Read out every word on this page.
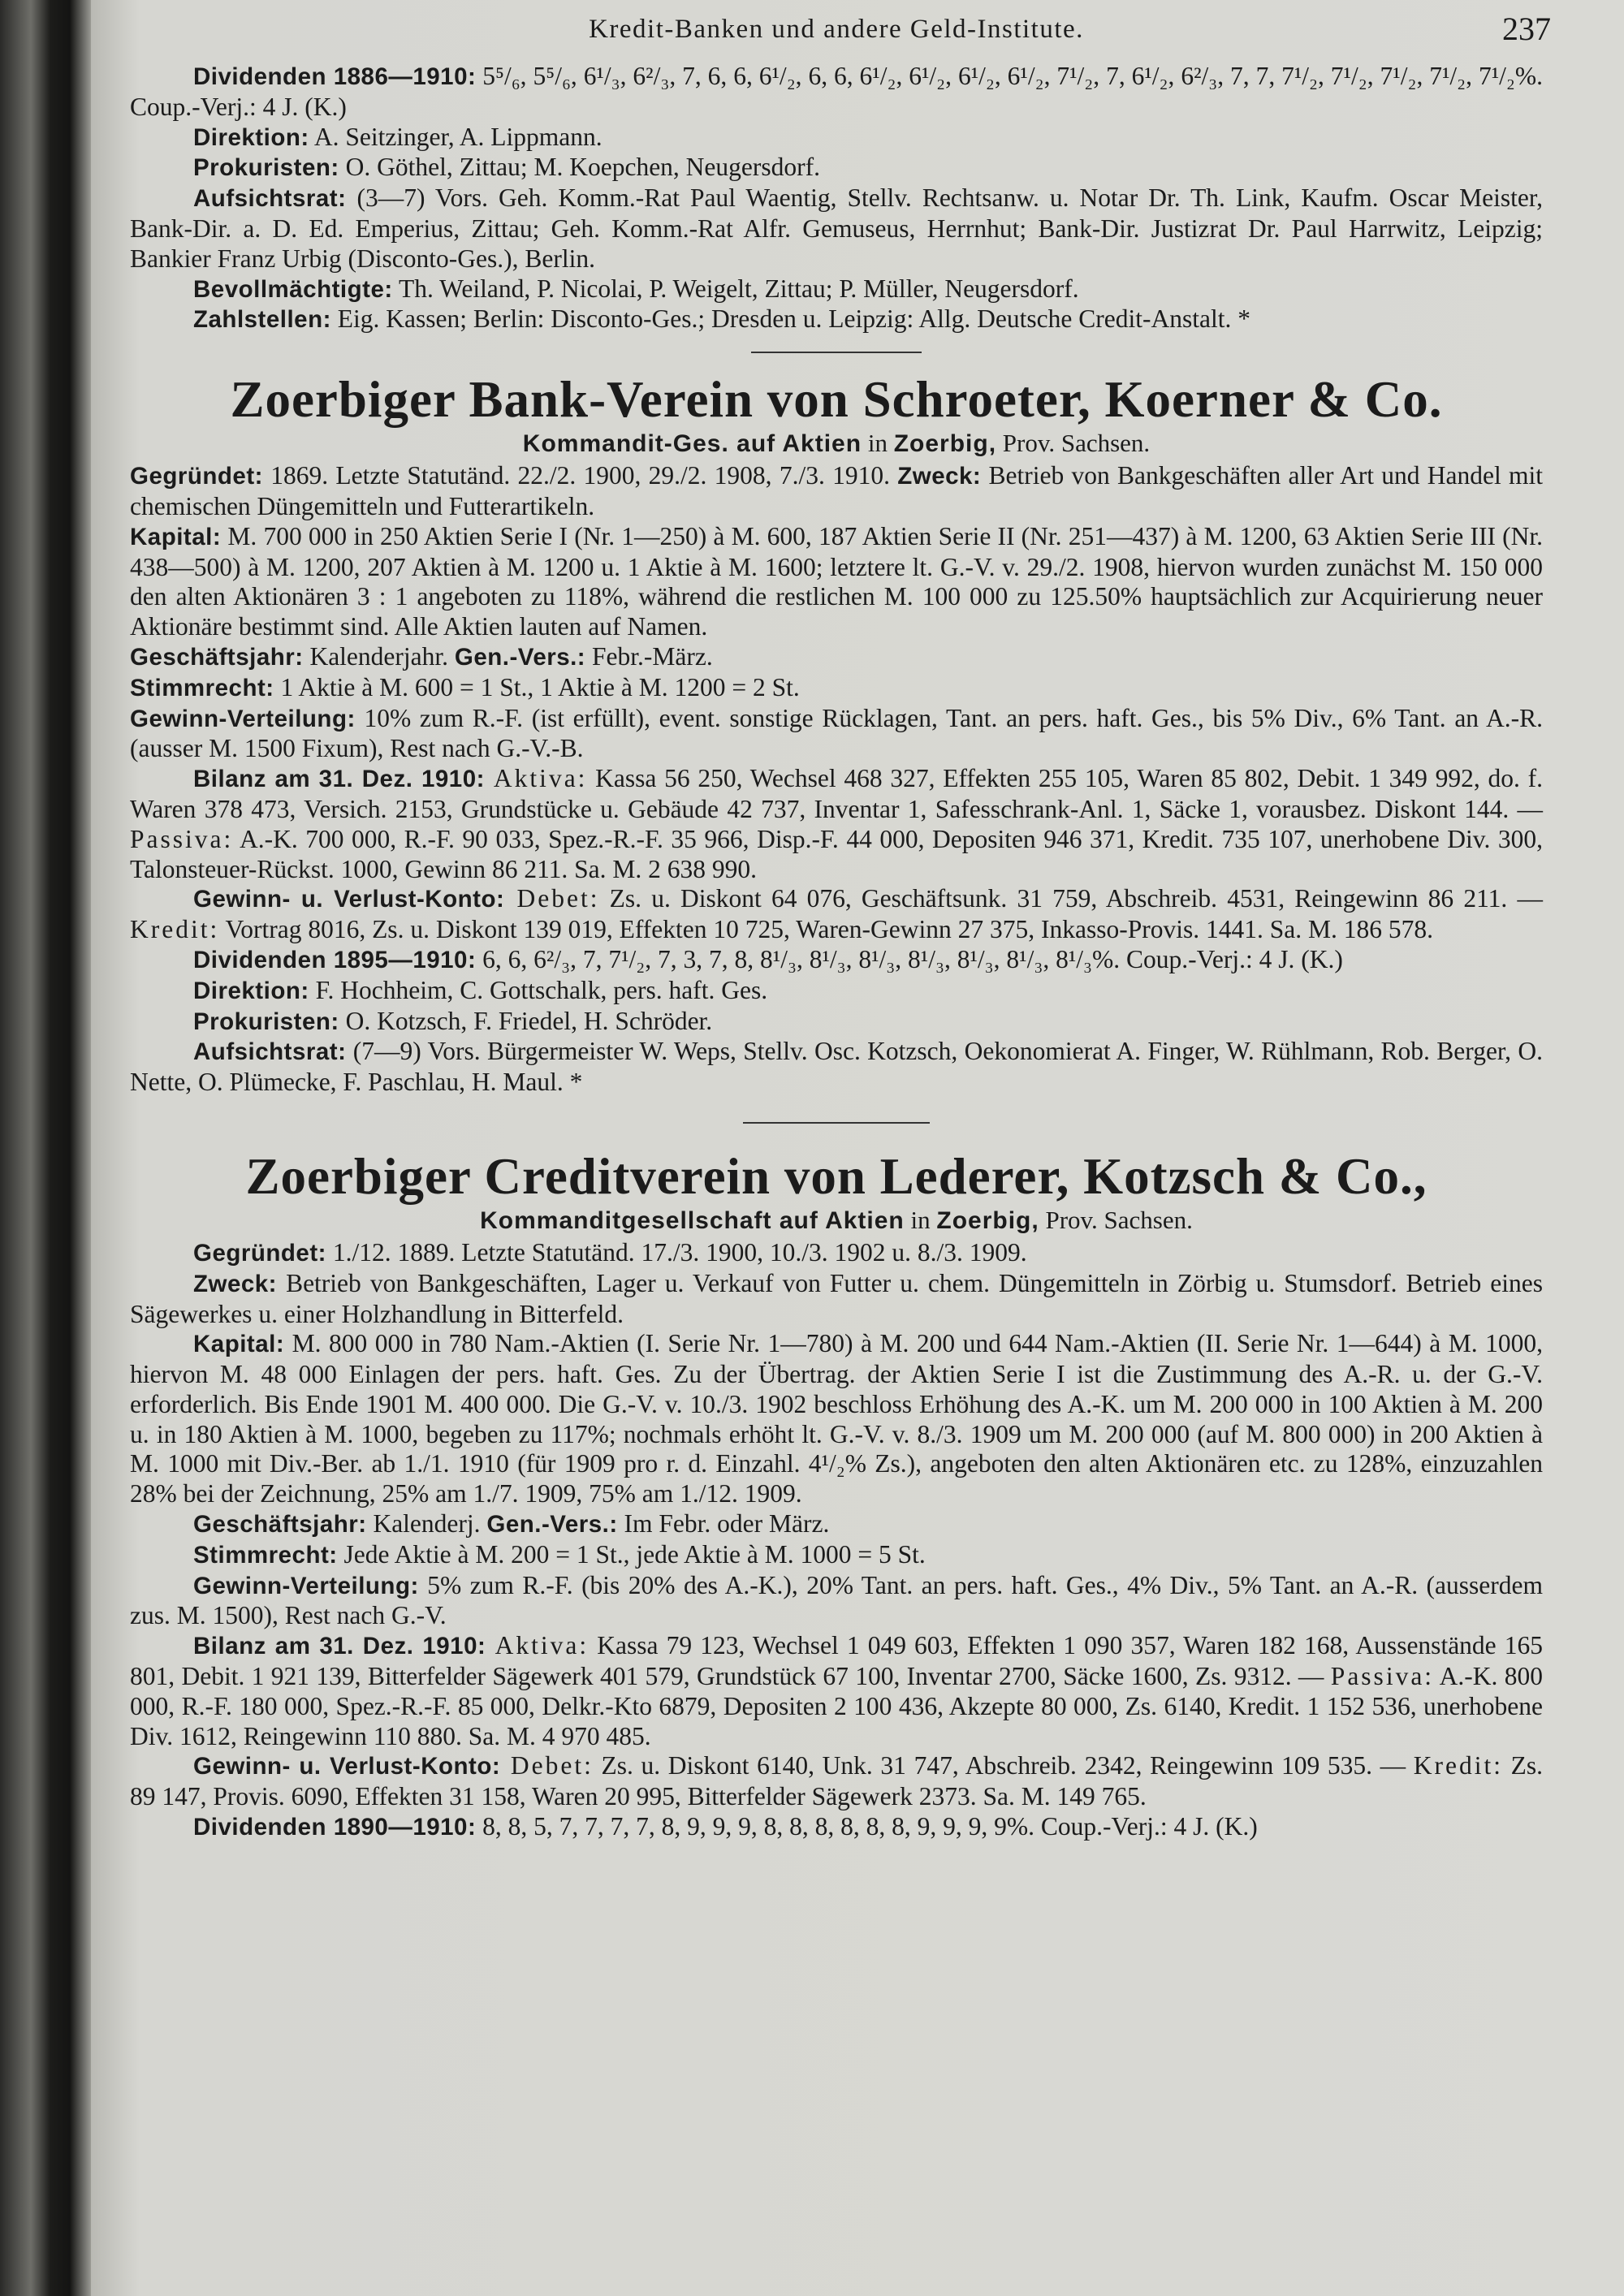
Kredit-Banken und andere Geld-Institute.	237

Dividenden 1886—1910: 5⁵/₆, 5⁵/₆, 6¹/₃, 6²/₃, 7, 6, 6, 6¹/₂, 6, 6, 6¹/₂, 6¹/₂, 6¹/₂, 6¹/₂, 7¹/₂, 7, 6¹/₂, 6²/₃, 7, 7, 7¹/₂, 7¹/₂, 7¹/₂, 7¹/₂, 7¹/₂%. Coup.-Verj.: 4 J. (K.)

Direktion: A. Seitzinger, A. Lippmann.

Prokuristen: O. Göthel, Zittau; M. Koepchen, Neugersdorf.

Aufsichtsrat: (3—7) Vors. Geh. Komm.-Rat Paul Waentig, Stellv. Rechtsanw. u. Notar Dr. Th. Link, Kaufm. Oscar Meister, Bank-Dir. a. D. Ed. Emperius, Zittau; Geh. Komm.-Rat Alfr. Gemuseus, Herrnhut; Bank-Dir. Justizrat Dr. Paul Harrwitz, Leipzig; Bankier Franz Urbig (Disconto-Ges.), Berlin.

Bevollmächtigte: Th. Weiland, P. Nicolai, P. Weigelt, Zittau; P. Müller, Neugersdorf.

Zahlstellen: Eig. Kassen; Berlin: Disconto-Ges.; Dresden u. Leipzig: Allg. Deutsche Credit-Anstalt. *

Zoerbiger Bank-Verein von Schroeter, Koerner & Co.
Kommandit-Ges. auf Aktien in Zoerbig, Prov. Sachsen.

Gegründet: 1869. Letzte Statutänd. 22./2. 1900, 29./2. 1908, 7./3. 1910. Zweck: Betrieb von Bankgeschäften aller Art und Handel mit chemischen Düngemitteln und Futterartikeln.

Kapital: M. 700 000 in 250 Aktien Serie I (Nr. 1—250) à M. 600, 187 Aktien Serie II (Nr. 251—437) à M. 1200, 63 Aktien Serie III (Nr. 438—500) à M. 1200, 207 Aktien à M. 1200 u. 1 Aktie à M. 1600; letztere lt. G.-V. v. 29./2. 1908, hiervon wurden zunächst M. 150 000 den alten Aktionären 3 : 1 angeboten zu 118%, während die restlichen M. 100 000 zu 125.50% hauptsächlich zur Acquirierung neuer Aktionäre bestimmt sind. Alle Aktien lauten auf Namen.

Geschäftsjahr: Kalenderjahr. Gen.-Vers.: Febr.-März.

Stimmrecht: 1 Aktie à M. 600 = 1 St., 1 Aktie à M. 1200 = 2 St.

Gewinn-Verteilung: 10% zum R.-F. (ist erfüllt), event. sonstige Rücklagen, Tant. an pers. haft. Ges., bis 5% Div., 6% Tant. an A.-R. (ausser M. 1500 Fixum), Rest nach G.-V.-B.

Bilanz am 31. Dez. 1910: Aktiva: Kassa 56 250, Wechsel 468 327, Effekten 255 105, Waren 85 802, Debit. 1 349 992, do. f. Waren 378 473, Versich. 2153, Grundstücke u. Gebäude 42 737, Inventar 1, Safesschrank-Anl. 1, Säcke 1, vorausbez. Diskont 144. — Passiva: A.-K. 700 000, R.-F. 90 033, Spez.-R.-F. 35 966, Disp.-F. 44 000, Depositen 946 371, Kredit. 735 107, unerhobene Div. 300, Talonsteuer-Rückst. 1000, Gewinn 86 211. Sa. M. 2 638 990.

Gewinn- u. Verlust-Konto: Debet: Zs. u. Diskont 64 076, Geschäftsunk. 31 759, Abschreib. 4531, Reingewinn 86 211. — Kredit: Vortrag 8016, Zs. u. Diskont 139 019, Effekten 10 725, Waren-Gewinn 27 375, Inkasso-Provis. 1441. Sa. M. 186 578.

Dividenden 1895—1910: 6, 6, 6²/₃, 7, 7¹/₂, 7, 3, 7, 8, 8¹/₃, 8¹/₃, 8¹/₃, 8¹/₃, 8¹/₃, 8¹/₃, 8¹/₃%. Coup.-Verj.: 4 J. (K.)

Direktion: F. Hochheim, C. Gottschalk, pers. haft. Ges.

Prokuristen: O. Kotzsch, F. Friedel, H. Schröder.

Aufsichtsrat: (7—9) Vors. Bürgermeister W. Weps, Stellv. Osc. Kotzsch, Oekonomierat A. Finger, W. Rühlmann, Rob. Berger, O. Nette, O. Plümecke, F. Paschlau, H. Maul. *

Zoerbiger Creditverein von Lederer, Kotzsch & Co.,
Kommanditgesellschaft auf Aktien in Zoerbig, Prov. Sachsen.

Gegründet: 1./12. 1889. Letzte Statutänd. 17./3. 1900, 10./3. 1902 u. 8./3. 1909.

Zweck: Betrieb von Bankgeschäften, Lager u. Verkauf von Futter u. chem. Düngemitteln in Zörbig u. Stumsdorf. Betrieb eines Sägewerkes u. einer Holzhandlung in Bitterfeld.

Kapital: M. 800 000 in 780 Nam.-Aktien (I. Serie Nr. 1—780) à M. 200 und 644 Nam.-Aktien (II. Serie Nr. 1—644) à M. 1000, hiervon M. 48 000 Einlagen der pers. haft. Ges. Zu der Übertrag. der Aktien Serie I ist die Zustimmung des A.-R. u. der G.-V. erforderlich. Bis Ende 1901 M. 400 000. Die G.-V. v. 10./3. 1902 beschloss Erhöhung des A.-K. um M. 200 000 in 100 Aktien à M. 200 u. in 180 Aktien à M. 1000, begeben zu 117%; nochmals erhöht lt. G.-V. v. 8./3. 1909 um M. 200 000 (auf M. 800 000) in 200 Aktien à M. 1000 mit Div.-Ber. ab 1./1. 1910 (für 1909 pro r. d. Einzahl. 4¹/₂% Zs.), angeboten den alten Aktionären etc. zu 128%, einzuzahlen 28% bei der Zeichnung, 25% am 1./7. 1909, 75% am 1./12. 1909.

Geschäftsjahr: Kalenderj. Gen.-Vers.: Im Febr. oder März.

Stimmrecht: Jede Aktie à M. 200 = 1 St., jede Aktie à M. 1000 = 5 St.

Gewinn-Verteilung: 5% zum R.-F. (bis 20% des A.-K.), 20% Tant. an pers. haft. Ges., 4% Div., 5% Tant. an A.-R. (ausserdem zus. M. 1500), Rest nach G.-V.

Bilanz am 31. Dez. 1910: Aktiva: Kassa 79 123, Wechsel 1 049 603, Effekten 1 090 357, Waren 182 168, Aussenstände 165 801, Debit. 1 921 139, Bitterfelder Sägewerk 401 579, Grundstück 67 100, Inventar 2700, Säcke 1600, Zs. 9312. — Passiva: A.-K. 800 000, R.-F. 180 000, Spez.-R.-F. 85 000, Delkr.-Kto 6879, Depositen 2 100 436, Akzepte 80 000, Zs. 6140, Kredit. 1 152 536, unerhobene Div. 1612, Reingewinn 110 880. Sa. M. 4 970 485.

Gewinn- u. Verlust-Konto: Debet: Zs. u. Diskont 6140, Unk. 31 747, Abschreib. 2342, Reingewinn 109 535. — Kredit: Zs. 89 147, Provis. 6090, Effekten 31 158, Waren 20 995, Bitterfelder Sägewerk 2373. Sa. M. 149 765.

Dividenden 1890—1910: 8, 8, 5, 7, 7, 7, 7, 8, 9, 9, 9, 8, 8, 8, 8, 8, 8, 9, 9, 9, 9%. Coup.-Verj.: 4 J. (K.)
